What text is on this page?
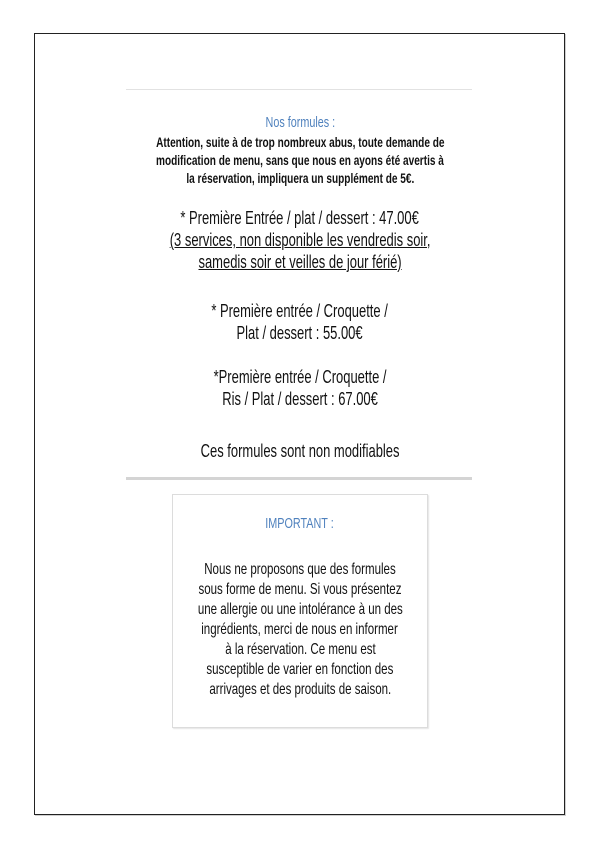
Nos formules :
Attention, suite à de trop nombreux abus, toute demande de
modification de menu, sans que nous en ayons été avertis à
la réservation, impliquera un supplément de 5€.
* Première Entrée / plat / dessert : 47.00€
(3 services, non disponible les vendredis soir,
samedis soir et veilles de jour férié)
* Première entrée / Croquette /
Plat / dessert : 55.00€
*Première entrée / Croquette /
Ris / Plat / dessert : 67.00€
Ces formules sont non modifiables
IMPORTANT :
Nous ne proposons que des formules
sous forme de menu. Si vous présentez
une allergie ou une intolérance à un des
ingrédients, merci de nous en informer
à la réservation. Ce menu est
susceptible de varier en fonction des
arrivages et des produits de saison.
